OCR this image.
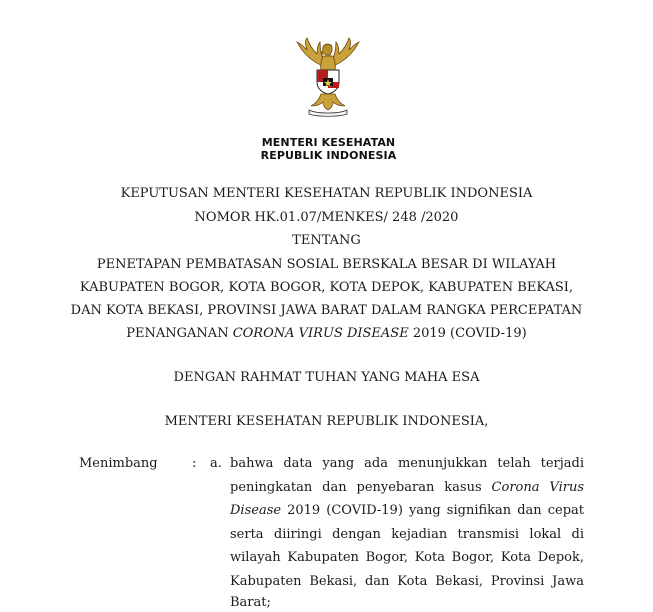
MENTERI KESEHATAN
REPUBLIK INDONESIA
KEPUTUSAN MENTERI KESEHATAN REPUBLIK INDONESIA
NOMOR HK.01.07/MENKES/ 248 /2020
TENTANG
PENETAPAN PEMBATASAN SOSIAL BERSKALA BESAR DI WILAYAH
KABUPATEN BOGOR, KOTA BOGOR, KOTA DEPOK, KABUPATEN BEKASI,
DAN KOTA BEKASI, PROVINSI JAWA BARAT DALAM RANGKA PERCEPATAN
PENANGANAN CORONA VIRUS DISEASE 2019 (COVID-19)
DENGAN RAHMAT TUHAN YANG MAHA ESA
MENTERI KESEHATAN REPUBLIK INDONESIA,
Menimbang	: a. bahwa data yang ada menunjukkan telah terjadi
peningkatan dan penyebaran kasus Corona Virus
Disease 2019 (COVID-19) yang signifikan dan cepat
serta diiringi dengan kejadian transmisi lokal di
wilayah Kabupaten Bogor, Kota Bogor, Kota Depok,
Kabupaten Bekasi, dan Kota Bekasi, Provinsi Jawa
Barat;
